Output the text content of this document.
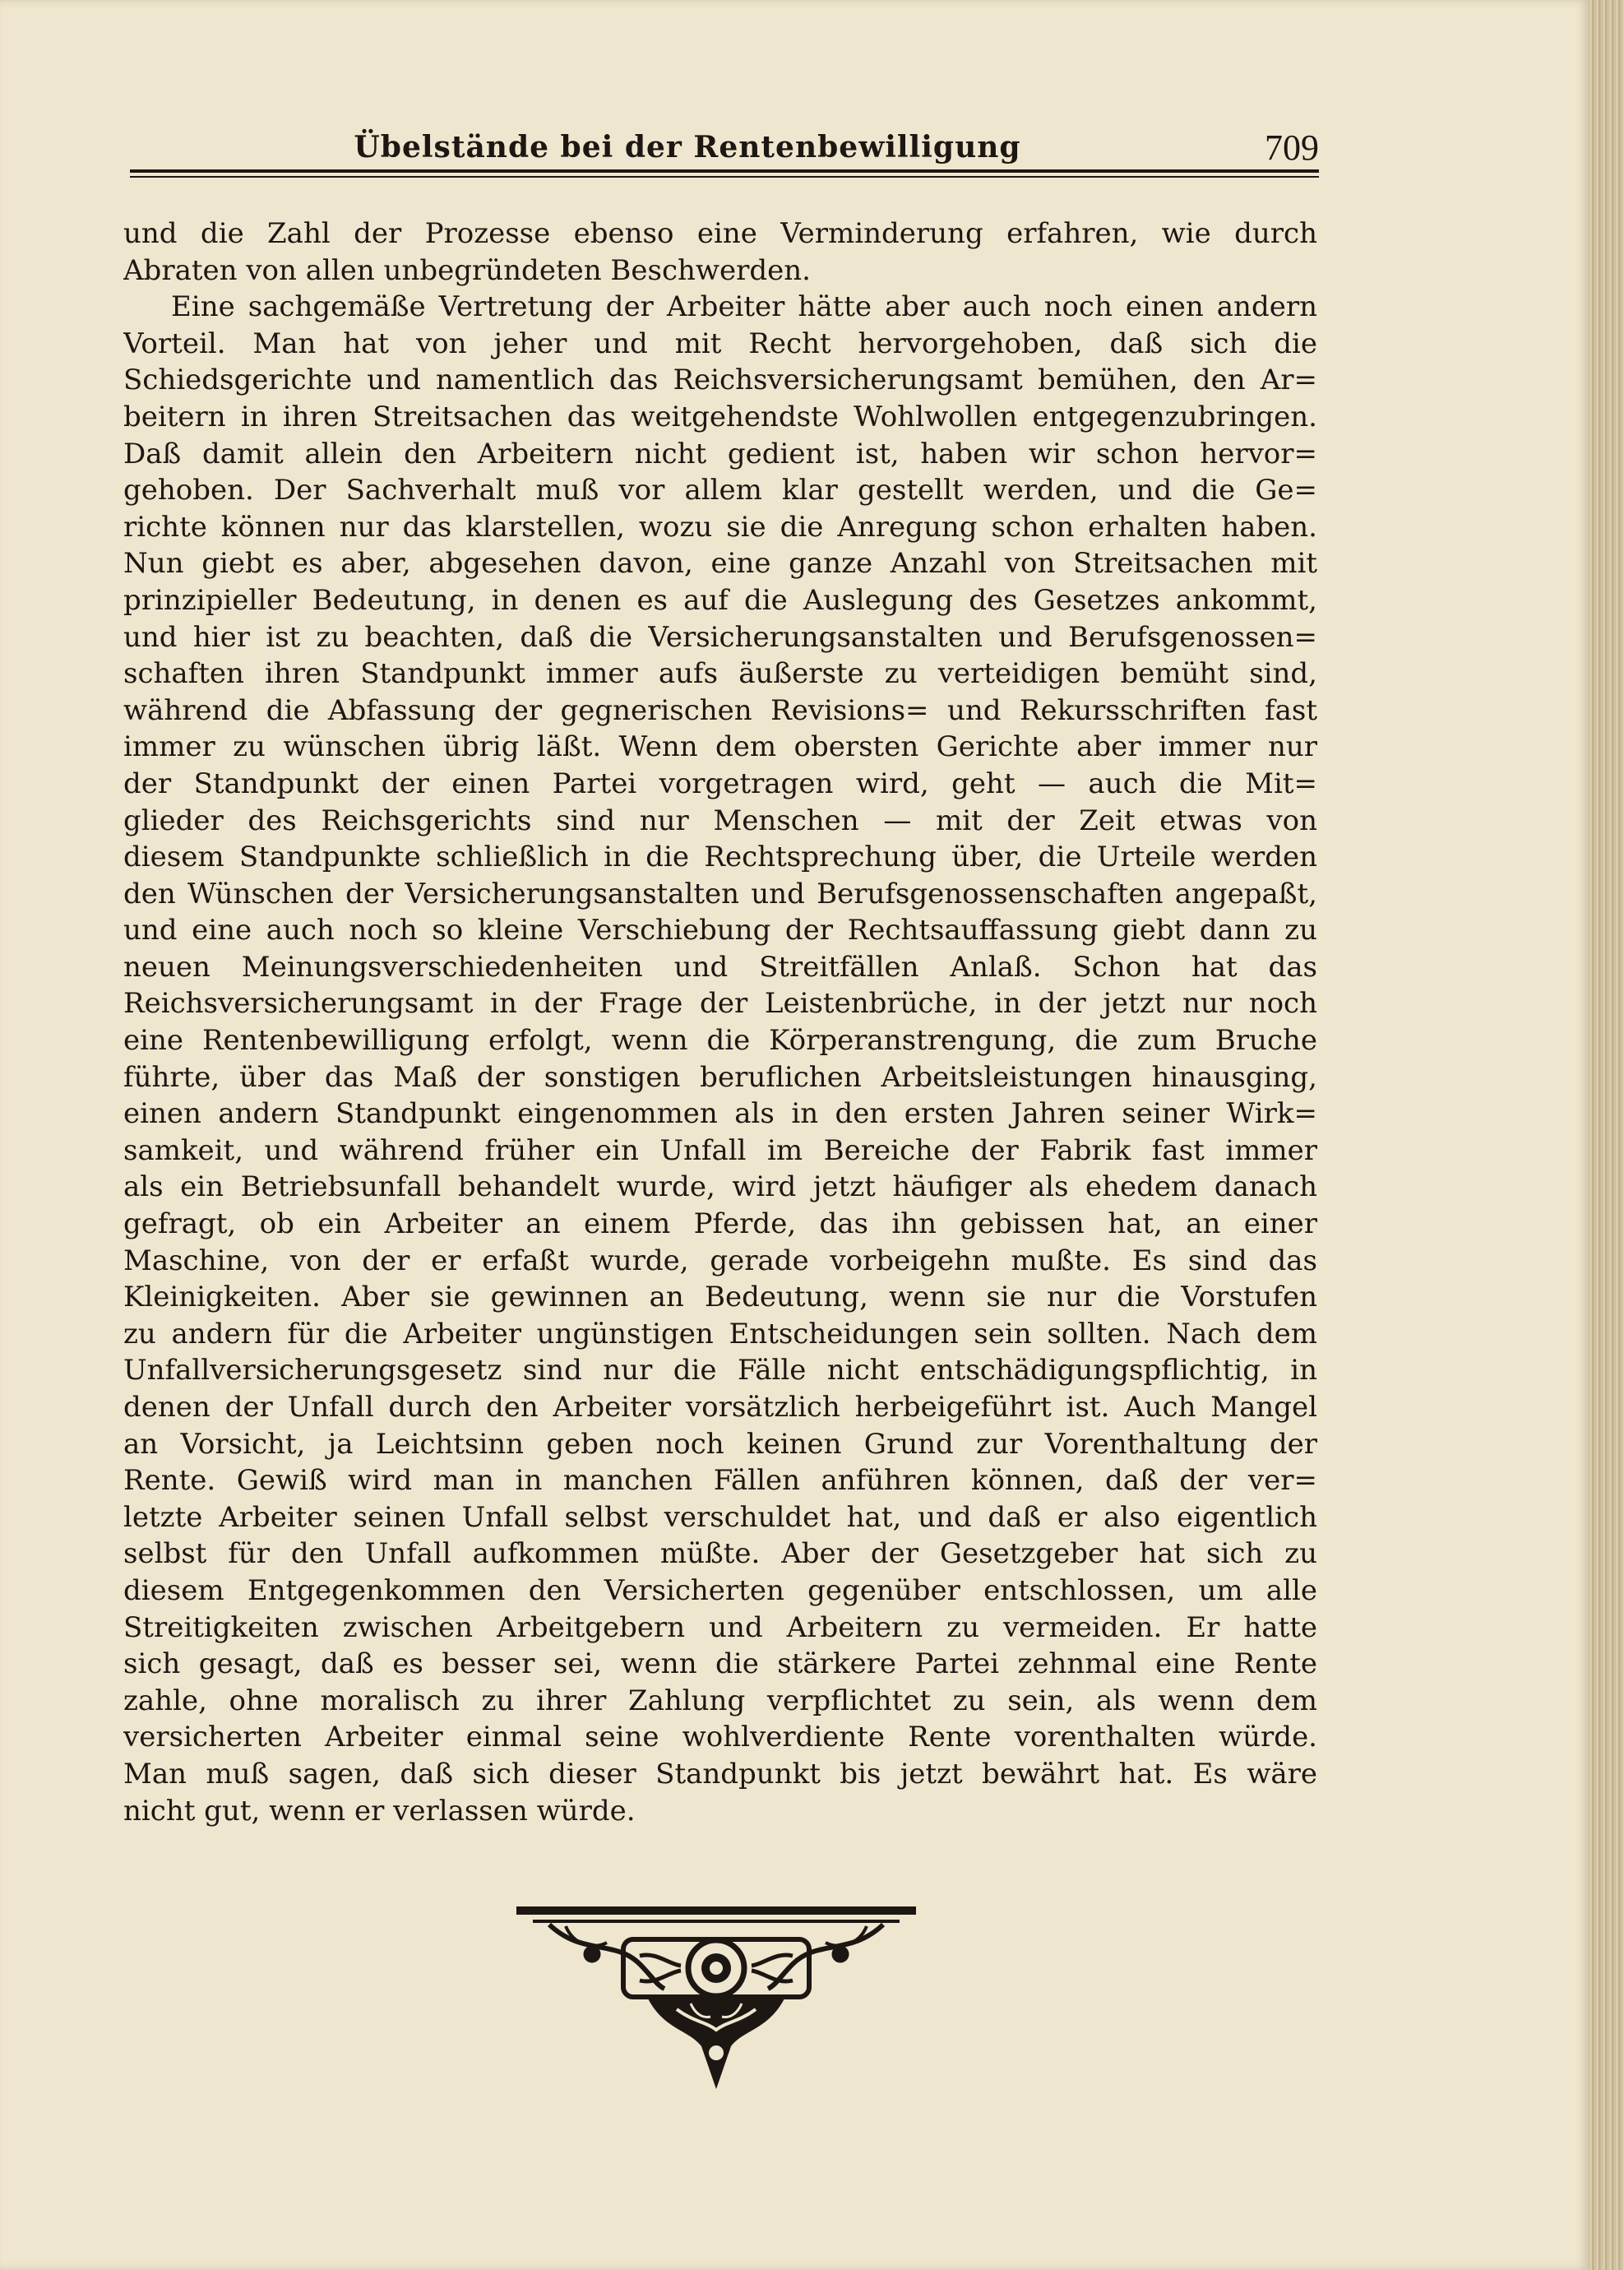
Übelstände bei der Rentenbewilligung	709
und die Zahl der Prozesse ebenso eine Verminderung erfahren, wie durch
Abraten von allen unbegründeten Beschwerden.
Eine sachgemäße Vertretung der Arbeiter hätte aber auch noch einen andern
Vorteil. Man hat von jeher und mit Recht hervorgehoben, daß sich die
Schiedsgerichte und namentlich das Reichsversicherungsamt bemühen, den Ar=
beitern in ihren Streitsachen das weitgehendste Wohlwollen entgegenzubringen.
Daß damit allein den Arbeitern nicht gedient ist, haben wir schon hervor=
gehoben. Der Sachverhalt muß vor allem klar gestellt werden, und die Ge=
richte können nur das klarstellen, wozu sie die Anregung schon erhalten haben.
Nun giebt es aber, abgesehen davon, eine ganze Anzahl von Streitsachen mit
prinzipieller Bedeutung, in denen es auf die Auslegung des Gesetzes ankommt,
und hier ist zu beachten, daß die Versicherungsanstalten und Berufsgenossen=
schaften ihren Standpunkt immer aufs äußerste zu verteidigen bemüht sind,
während die Abfassung der gegnerischen Revisions= und Rekursschriften fast
immer zu wünschen übrig läßt. Wenn dem obersten Gerichte aber immer nur
der Standpunkt der einen Partei vorgetragen wird, geht — auch die Mit=
glieder des Reichsgerichts sind nur Menschen — mit der Zeit etwas von
diesem Standpunkte schließlich in die Rechtsprechung über, die Urteile werden
den Wünschen der Versicherungsanstalten und Berufsgenossenschaften angepaßt,
und eine auch noch so kleine Verschiebung der Rechtsauffassung giebt dann zu
neuen Meinungsverschiedenheiten und Streitfällen Anlaß. Schon hat das
Reichsversicherungsamt in der Frage der Leistenbrüche, in der jetzt nur noch
eine Rentenbewilligung erfolgt, wenn die Körperanstrengung, die zum Bruche
führte, über das Maß der sonstigen beruflichen Arbeitsleistungen hinausging,
einen andern Standpunkt eingenommen als in den ersten Jahren seiner Wirk=
samkeit, und während früher ein Unfall im Bereiche der Fabrik fast immer
als ein Betriebsunfall behandelt wurde, wird jetzt häufiger als ehedem danach
gefragt, ob ein Arbeiter an einem Pferde, das ihn gebissen hat, an einer
Maschine, von der er erfaßt wurde, gerade vorbeigehn mußte. Es sind das
Kleinigkeiten. Aber sie gewinnen an Bedeutung, wenn sie nur die Vorstufen
zu andern für die Arbeiter ungünstigen Entscheidungen sein sollten. Nach dem
Unfallversicherungsgesetz sind nur die Fälle nicht entschädigungspflichtig, in
denen der Unfall durch den Arbeiter vorsätzlich herbeigeführt ist. Auch Mangel
an Vorsicht, ja Leichtsinn geben noch keinen Grund zur Vorenthaltung der
Rente. Gewiß wird man in manchen Fällen anführen können, daß der ver=
letzte Arbeiter seinen Unfall selbst verschuldet hat, und daß er also eigentlich
selbst für den Unfall aufkommen müßte. Aber der Gesetzgeber hat sich zu
diesem Entgegenkommen den Versicherten gegenüber entschlossen, um alle
Streitigkeiten zwischen Arbeitgebern und Arbeitern zu vermeiden. Er hatte
sich gesagt, daß es besser sei, wenn die stärkere Partei zehnmal eine Rente
zahle, ohne moralisch zu ihrer Zahlung verpflichtet zu sein, als wenn dem
versicherten Arbeiter einmal seine wohlverdiente Rente vorenthalten würde.
Man muß sagen, daß sich dieser Standpunkt bis jetzt bewährt hat. Es wäre
nicht gut, wenn er verlassen würde.
